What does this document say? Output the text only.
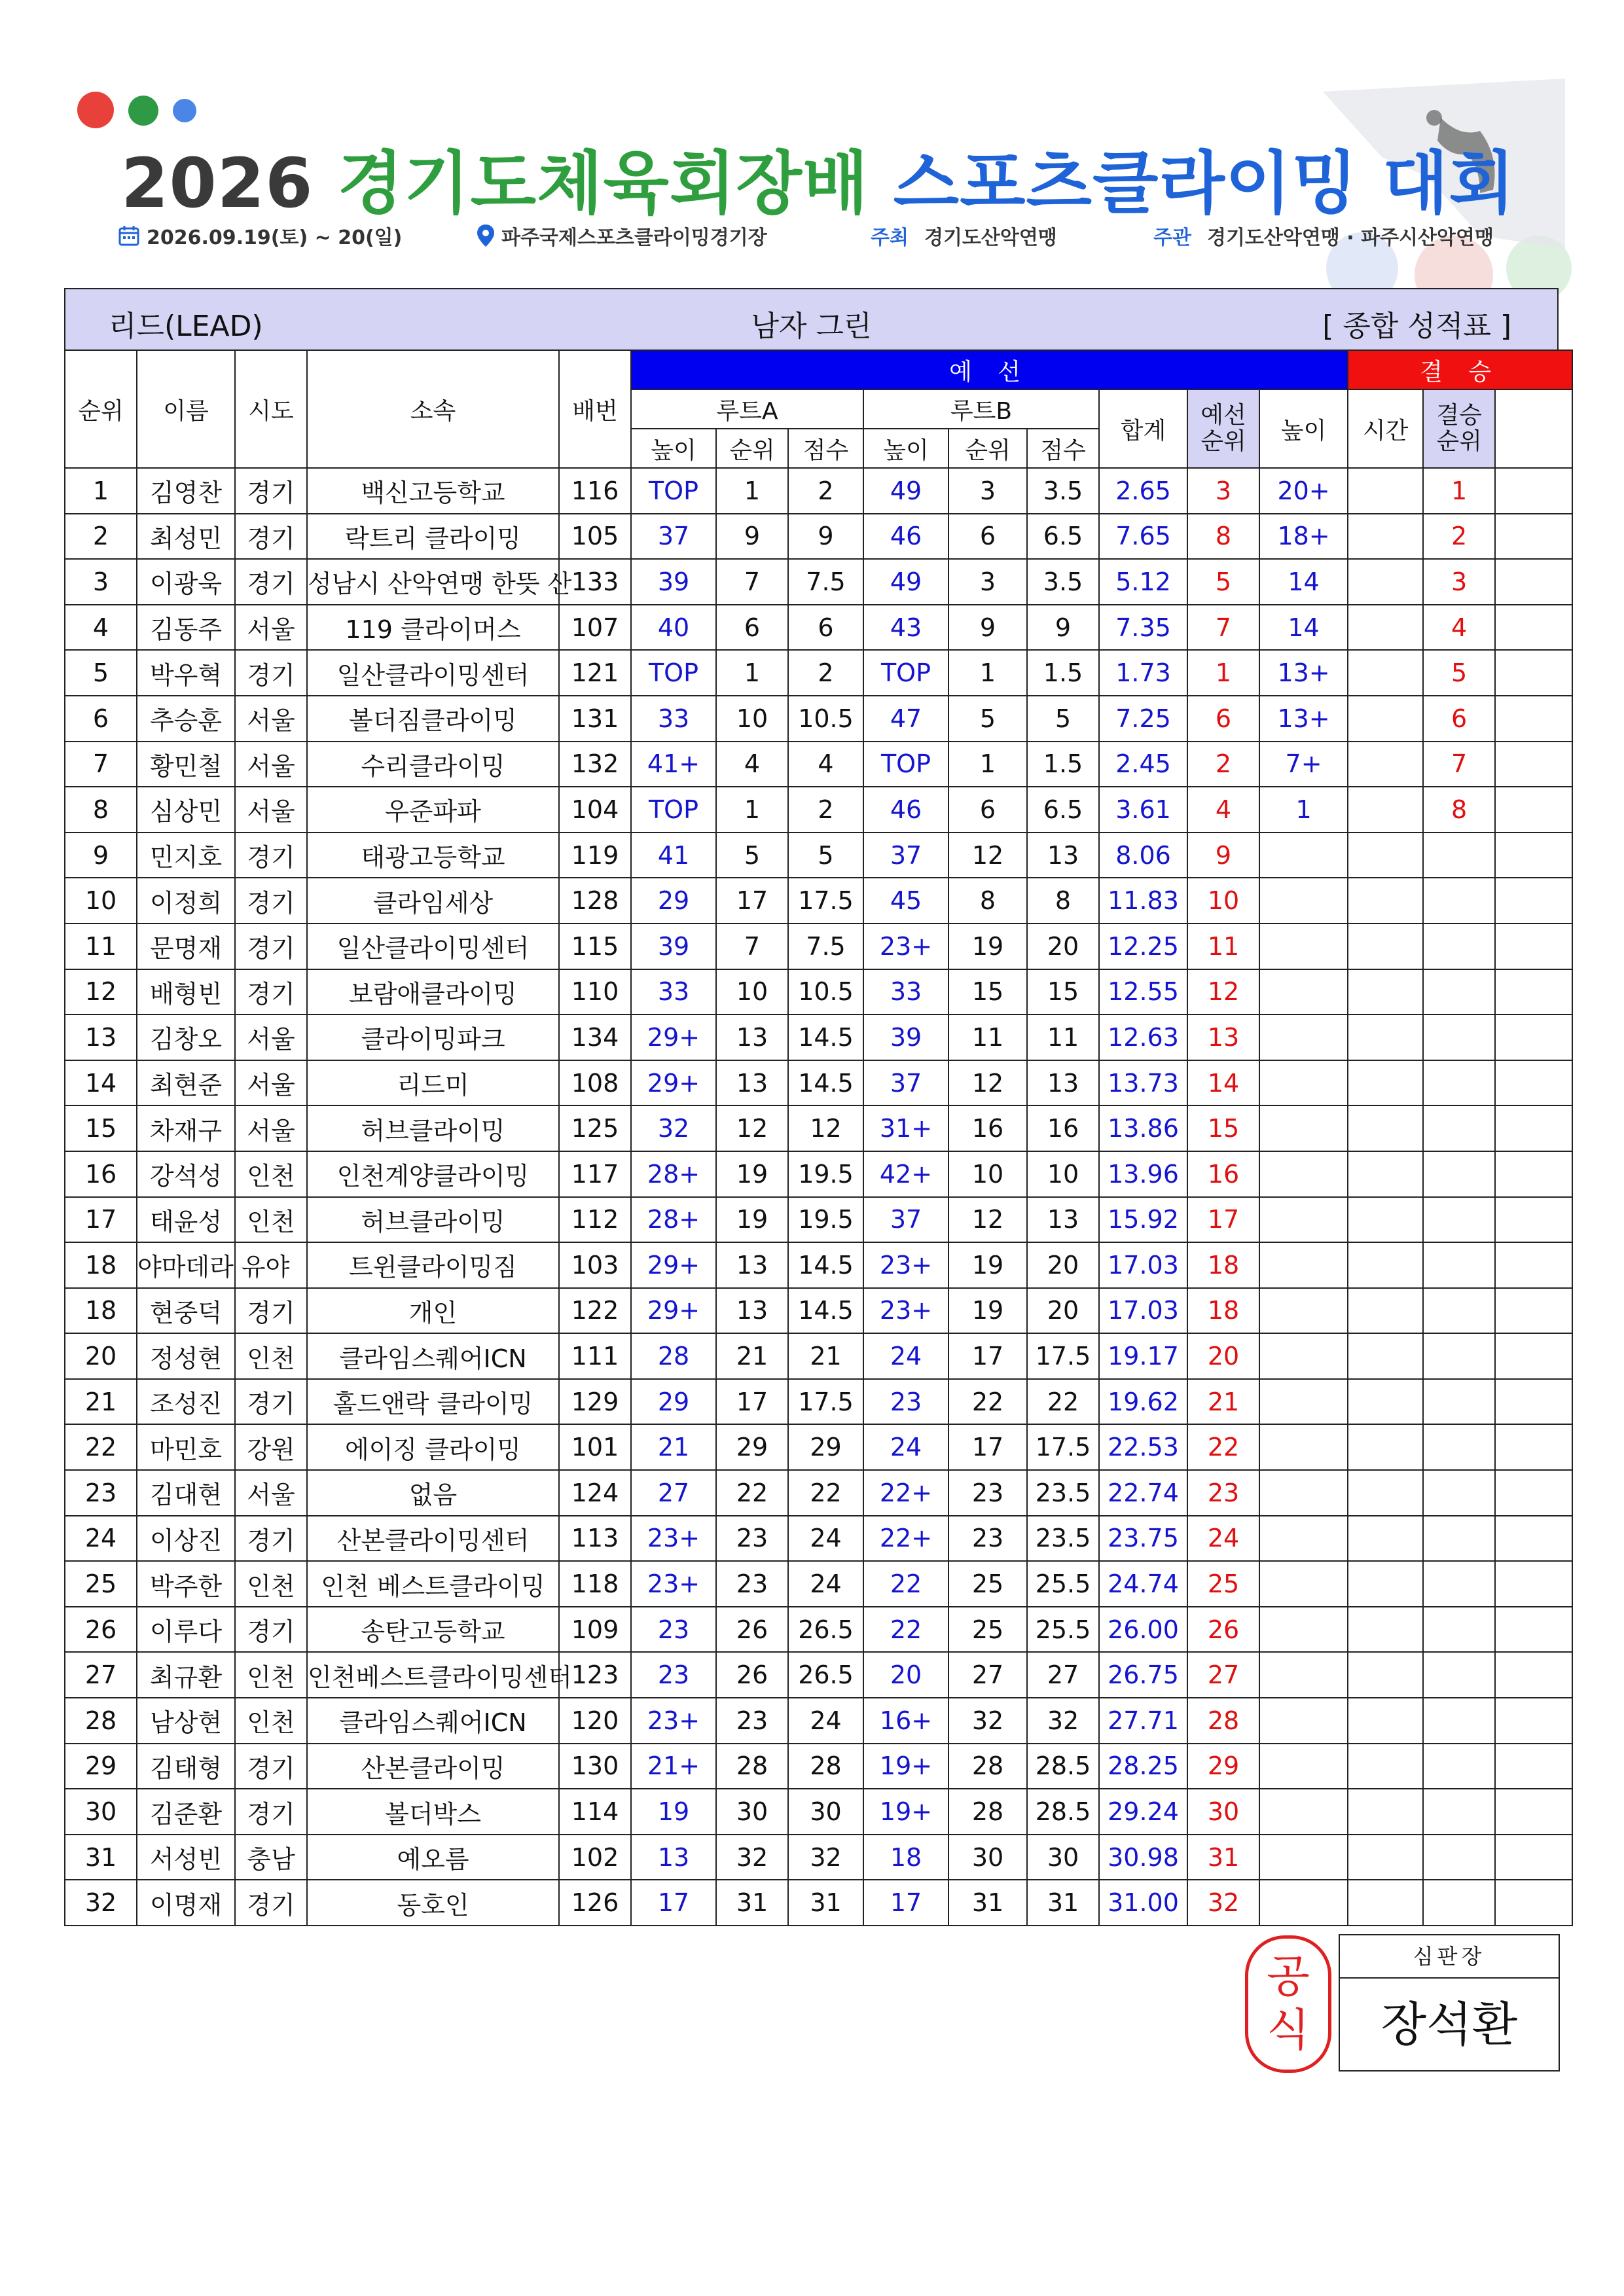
2026 경기도체육회장배 스포츠클라이밍 대회
2026.09.19(토) ~ 20(일)	파주국제스포츠클라이밍경기장	주최 경기도산악연맹	주관 경기도산악연맹 · 파주시산악연맹
리드(LEAD)	남자 그린	[ 종합 성적표 ]
순위	이름	시도	소속	배번	예 선									결 승	
					루트A			루트B			합계	예선 순위	높이	시간	결승 순위		
					높이	순위	점수	높이	순위	점수							
1	김영찬	경기	백신고등학교	116	TOP	1	2	49	3	3.5	2.65	3	20+		1		
2	최성민	경기	락트리 클라이밍	105	37	9	9	46	6	6.5	7.65	8	18+		2		
3	이광욱	경기	성남시 산악연맹 한뜻 산	133	39	7	7.5	49	3	3.5	5.12	5	14		3		
4	김동주	서울	119 클라이머스	107	40	6	6	43	9	9	7.35	7	14		4		
5	박우혁	경기	일산클라이밍센터	121	TOP	1	2	TOP	1	1.5	1.73	1	13+		5		
6	추승훈	서울	볼더짐클라이밍	131	33	10	10.5	47	5	5	7.25	6	13+		6		
7	황민철	서울	수리클라이밍	132	41+	4	4	TOP	1	1.5	2.45	2	7+		7		
8	심상민	서울	우준파파	104	TOP	1	2	46	6	6.5	3.61	4	1		8		
9	민지호	경기	태광고등학교	119	41	5	5	37	12	13	8.06	9					
10	이정희	경기	클라임세상	128	29	17	17.5	45	8	8	11.83	10					
11	문명재	경기	일산클라이밍센터	115	39	7	7.5	23+	19	20	12.25	11					
12	배형빈	경기	보람애클라이밍	110	33	10	10.5	33	15	15	12.55	12					
13	김창오	서울	클라이밍파크	134	29+	13	14.5	39	11	11	12.63	13					
14	최현준	서울	리드미	108	29+	13	14.5	37	12	13	13.73	14					
15	차재구	서울	허브클라이밍	125	32	12	12	31+	16	16	13.86	15					
16	강석성	인천	인천계양클라이밍	117	28+	19	19.5	42+	10	10	13.96	16					
17	태윤성	인천	허브클라이밍	112	28+	19	19.5	37	12	13	15.92	17					
18	야마데라 유야		트윈클라이밍짐	103	29+	13	14.5	23+	19	20	17.03	18					
18	현중덕	경기	개인	122	29+	13	14.5	23+	19	20	17.03	18					
20	정성현	인천	클라임스퀘어ICN	111	28	21	21	24	17	17.5	19.17	20					
21	조성진	경기	홀드앤락 클라이밍	129	29	17	17.5	23	22	22	19.62	21					
22	마민호	강원	에이징 클라이밍	101	21	29	29	24	17	17.5	22.53	22					
23	김대현	서울	없음	124	27	22	22	22+	23	23.5	22.74	23					
24	이상진	경기	산본클라이밍센터	113	23+	23	24	22+	23	23.5	23.75	24					
25	박주한	인천	인천 베스트클라이밍	118	23+	23	24	22	25	25.5	24.74	25					
26	이루다	경기	송탄고등학교	109	23	26	26.5	22	25	25.5	26.00	26					
27	최규환	인천	인천베스트클라이밍센터	123	23	26	26.5	20	27	27	26.75	27					
28	남상현	인천	클라임스퀘어ICN	120	23+	23	24	16+	32	32	27.71	28					
29	김태형	경기	산본클라이밍	130	21+	28	28	19+	28	28.5	28.25	29					
30	김준환	경기	볼더박스	114	19	30	30	19+	28	28.5	29.24	30					
31	서성빈	충남	예오름	102	13	32	32	18	30	30	30.98	31					
32	이명재	경기	동호인	126	17	31	31	17	31	31	31.00	32					
공
식
심판장
장석환
